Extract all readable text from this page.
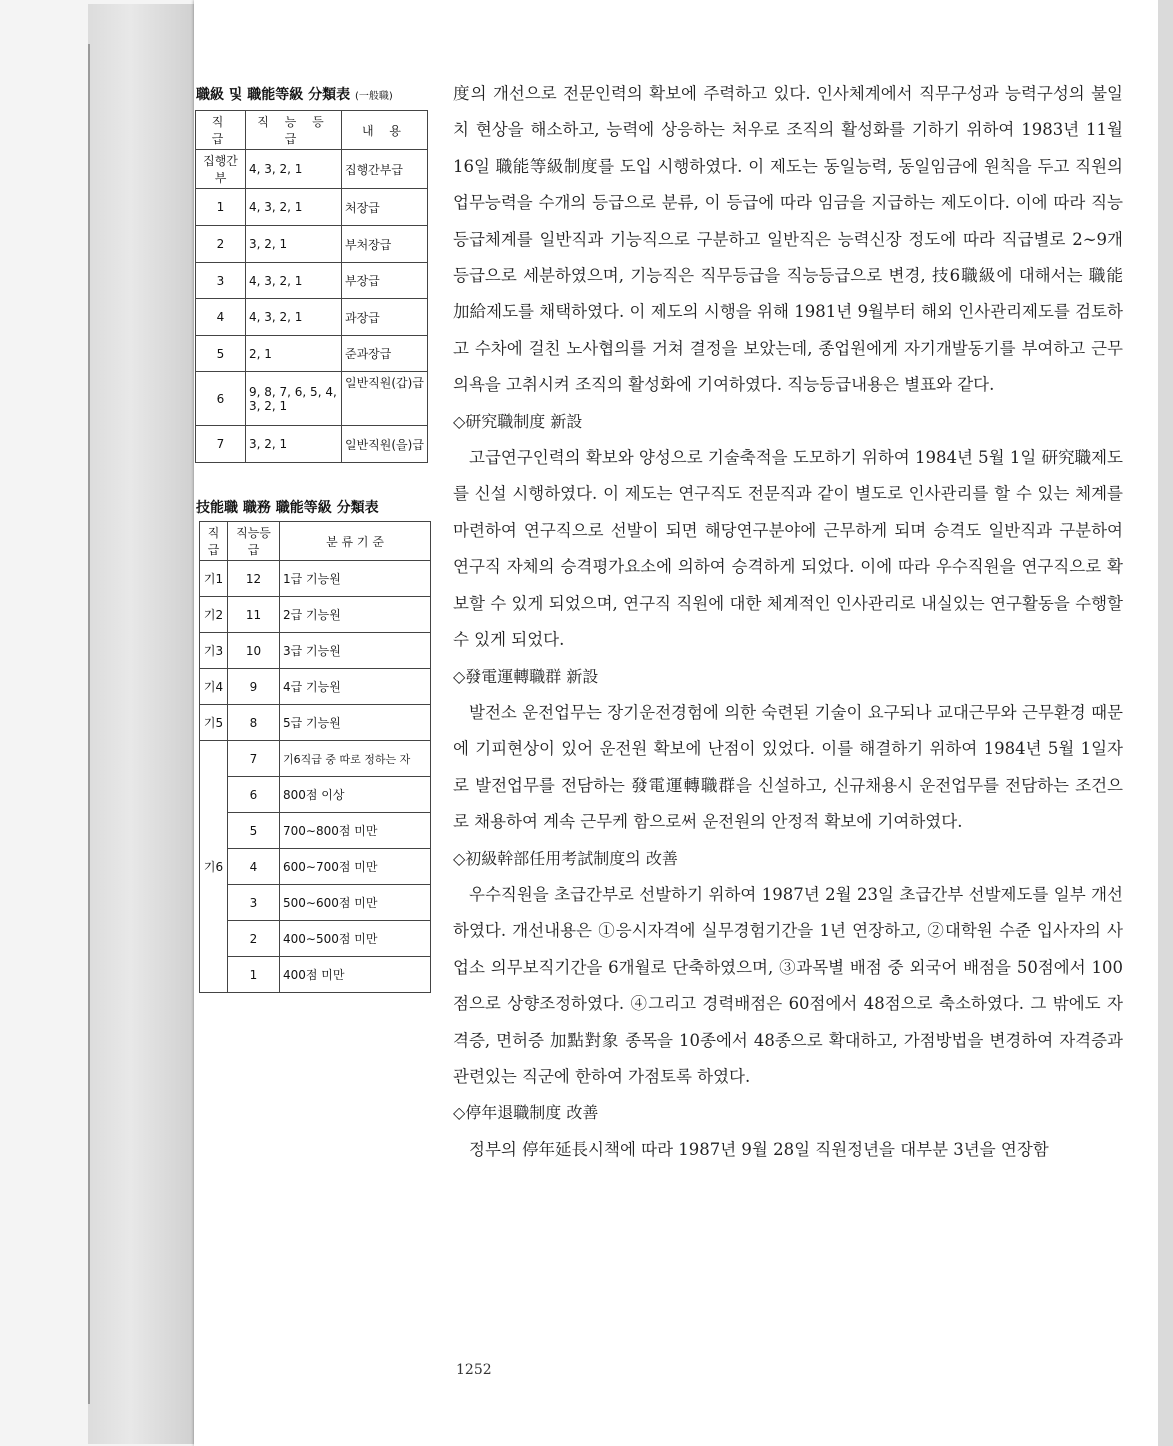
職級 및 職能等級 分類表 (一般職)
직 급	직 능 등 급	내 용
집행간부	4, 3, 2, 1	집행간부급
1	4, 3, 2, 1	처장급
2	3, 2, 1	부처장급
3	4, 3, 2, 1	부장급
4	4, 3, 2, 1	과장급
5	2, 1	준과장급
6	9, 8, 7, 6, 5, 4, 3, 2, 1	일반직원(갑)급
7	3, 2, 1	일반직원(을)급
技能職 職務 職能等級 分類表
직급	직능등급	분 류 기 준
기1	12	1급 기능원
기2	11	2급 기능원
기3	10	3급 기능원
기4	9	4급 기능원
기5	8	5급 기능원
기6	7	기6직급 중 따로 정하는 자
	6	800점 이상
	5	700∼800점 미만
	4	600∼700점 미만
	3	500∼600점 미만
	2	400∼500점 미만
	1	400점 미만

度의 개선으로 전문인력의 확보에 주력하고 있다. 인사체계에서 직무구성과 능력구성의 불일치 현상을 해소하고, 능력에 상응하는 처우로 조직의 활성화를 기하기 위하여 1983년 11월 16일 職能等級制度를 도입 시행하였다. 이 제도는 동일능력, 동일임금에 원칙을 두고 직원의 업무능력을 수개의 등급으로 분류, 이 등급에 따라 임금을 지급하는 제도이다. 이에 따라 직능등급체계를 일반직과 기능직으로 구분하고 일반직은 능력신장 정도에 따라 직급별로 2∼9개 등급으로 세분하였으며, 기능직은 직무등급을 직능등급으로 변경, 技6職級에 대해서는 職能加給제도를 채택하였다. 이 제도의 시행을 위해 1981년 9월부터 해외 인사관리제도를 검토하고 수차에 걸친 노사협의를 거쳐 결정을 보았는데, 종업원에게 자기개발동기를 부여하고 근무의욕을 고취시켜 조직의 활성화에 기여하였다. 직능등급내용은 별표와 같다.

◇研究職制度 新設

고급연구인력의 확보와 양성으로 기술축적을 도모하기 위하여 1984년 5월 1일 研究職제도를 신설 시행하였다. 이 제도는 연구직도 전문직과 같이 별도로 인사관리를 할 수 있는 체계를 마련하여 연구직으로 선발이 되면 해당연구분야에 근무하게 되며 승격도 일반직과 구분하여 연구직 자체의 승격평가요소에 의하여 승격하게 되었다. 이에 따라 우수직원을 연구직으로 확보할 수 있게 되었으며, 연구직 직원에 대한 체계적인 인사관리로 내실있는 연구활동을 수행할 수 있게 되었다.

◇發電運轉職群 新設

발전소 운전업무는 장기운전경험에 의한 숙련된 기술이 요구되나 교대근무와 근무환경 때문에 기피현상이 있어 운전원 확보에 난점이 있었다. 이를 해결하기 위하여 1984년 5월 1일자로 발전업무를 전담하는 發電運轉職群을 신설하고, 신규채용시 운전업무를 전담하는 조건으로 채용하여 계속 근무케 함으로써 운전원의 안정적 확보에 기여하였다.

◇初級幹部任用考試制度의 改善

우수직원을 초급간부로 선발하기 위하여 1987년 2월 23일 초급간부 선발제도를 일부 개선하였다. 개선내용은 ①응시자격에 실무경험기간을 1년 연장하고, ②대학원 수준 입사자의 사업소 의무보직기간을 6개월로 단축하였으며, ③과목별 배점 중 외국어 배점을 50점에서 100점으로 상향조정하였다. ④그리고 경력배점은 60점에서 48점으로 축소하였다. 그 밖에도 자격증, 면허증 加點對象 종목을 10종에서 48종으로 확대하고, 가점방법을 변경하여 자격증과 관련있는 직군에 한하여 가점토록 하였다.

◇停年退職制度 改善

정부의 停年延長시책에 따라 1987년 9월 28일 직원정년을 대부분 3년을 연장함

1252
